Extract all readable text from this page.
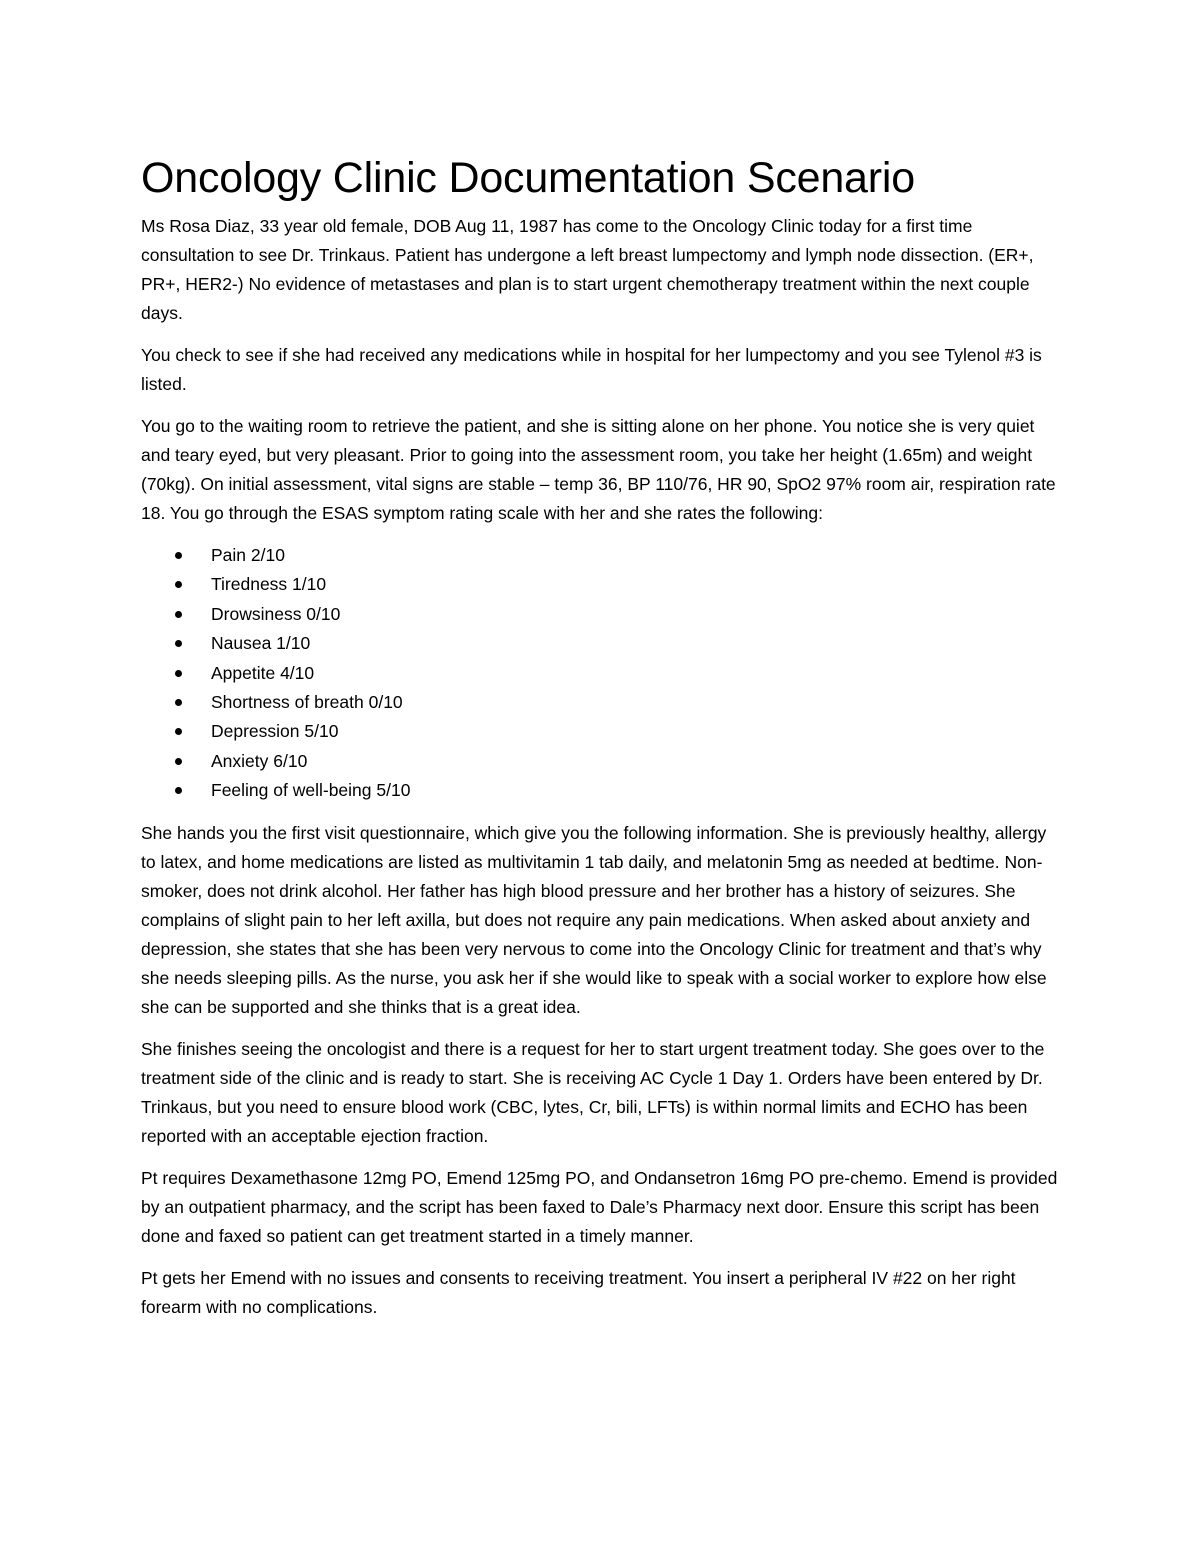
Oncology Clinic Documentation Scenario

Ms Rosa Diaz, 33 year old female, DOB Aug 11, 1987 has come to the Oncology Clinic today for a first time consultation to see Dr. Trinkaus. Patient has undergone a left breast lumpectomy and lymph node dissection. (ER+, PR+, HER2-) No evidence of metastases and plan is to start urgent chemotherapy treatment within the next couple days.

You check to see if she had received any medications while in hospital for her lumpectomy and you see Tylenol #3 is listed.

You go to the waiting room to retrieve the patient, and she is sitting alone on her phone. You notice she is very quiet and teary eyed, but very pleasant. Prior to going into the assessment room, you take her height (1.65m) and weight (70kg). On initial assessment, vital signs are stable – temp 36, BP 110/76, HR 90, SpO2 97% room air, respiration rate 18. You go through the ESAS symptom rating scale with her and she rates the following:

Pain 2/10
Tiredness 1/10
Drowsiness 0/10
Nausea 1/10
Appetite 4/10
Shortness of breath 0/10
Depression 5/10
Anxiety 6/10
Feeling of well-being 5/10

She hands you the first visit questionnaire, which give you the following information. She is previously healthy, allergy to latex, and home medications are listed as multivitamin 1 tab daily, and melatonin 5mg as needed at bedtime. Non-smoker, does not drink alcohol. Her father has high blood pressure and her brother has a history of seizures. She complains of slight pain to her left axilla, but does not require any pain medications. When asked about anxiety and depression, she states that she has been very nervous to come into the Oncology Clinic for treatment and that’s why she needs sleeping pills. As the nurse, you ask her if she would like to speak with a social worker to explore how else she can be supported and she thinks that is a great idea.

She finishes seeing the oncologist and there is a request for her to start urgent treatment today. She goes over to the treatment side of the clinic and is ready to start. She is receiving AC Cycle 1 Day 1. Orders have been entered by Dr. Trinkaus, but you need to ensure blood work (CBC, lytes, Cr, bili, LFTs) is within normal limits and ECHO has been reported with an acceptable ejection fraction.

Pt requires Dexamethasone 12mg PO, Emend 125mg PO, and Ondansetron 16mg PO pre-chemo. Emend is provided by an outpatient pharmacy, and the script has been faxed to Dale’s Pharmacy next door. Ensure this script has been done and faxed so patient can get treatment started in a timely manner.

Pt gets her Emend with no issues and consents to receiving treatment. You insert a peripheral IV #22 on her right forearm with no complications.
